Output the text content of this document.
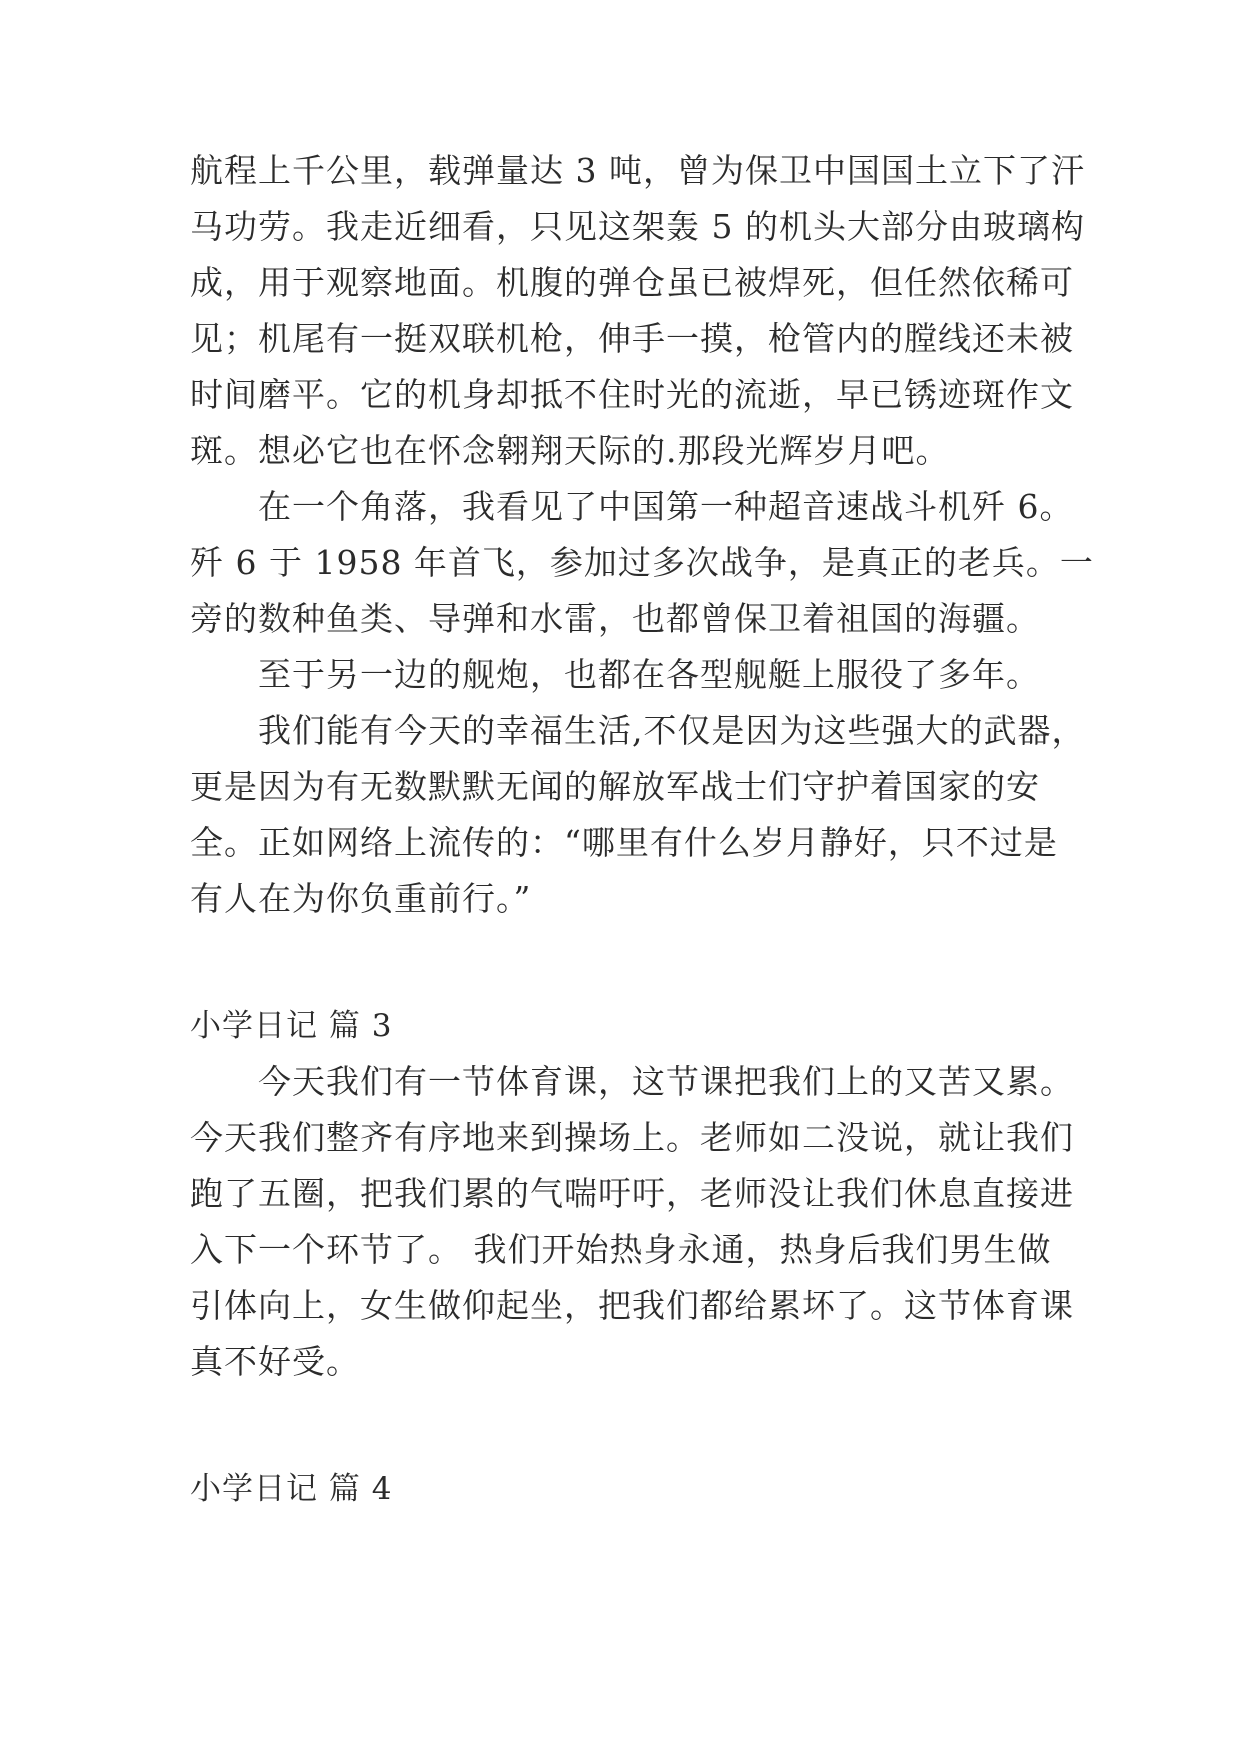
航程上千公里，载弹量达 3 吨，曾为保卫中国国土立下了汗
马功劳。我走近细看，只见这架轰 5 的机头大部分由玻璃构
成，用于观察地面。机腹的弹仓虽已被焊死，但任然依稀可
见；机尾有一挺双联机枪，伸手一摸，枪管内的膛线还未被
时间磨平。它的机身却抵不住时光的流逝，早已锈迹斑作文
斑。想必它也在怀念翱翔天际的.那段光辉岁月吧。
　　在一个角落，我看见了中国第一种超音速战斗机歼 6。
歼 6 于 1958 年首飞，参加过多次战争，是真正的老兵。一
旁的数种鱼类、导弹和水雷，也都曾保卫着祖国的海疆。
　　至于另一边的舰炮，也都在各型舰艇上服役了多年。
　　我们能有今天的幸福生活,不仅是因为这些强大的武器，
更是因为有无数默默无闻的解放军战士们守护着国家的安
全。正如网络上流传的：“哪里有什么岁月静好，只不过是
有人在为你负重前行。”
小学日记 篇 3
　　今天我们有一节体育课，这节课把我们上的又苦又累。
今天我们整齐有序地来到操场上。老师如二没说，就让我们
跑了五圈，把我们累的气喘吁吁，老师没让我们休息直接进
入下一个环节了。 我们开始热身永通，热身后我们男生做
引体向上，女生做仰起坐，把我们都给累坏了。这节体育课
真不好受。
小学日记 篇 4
